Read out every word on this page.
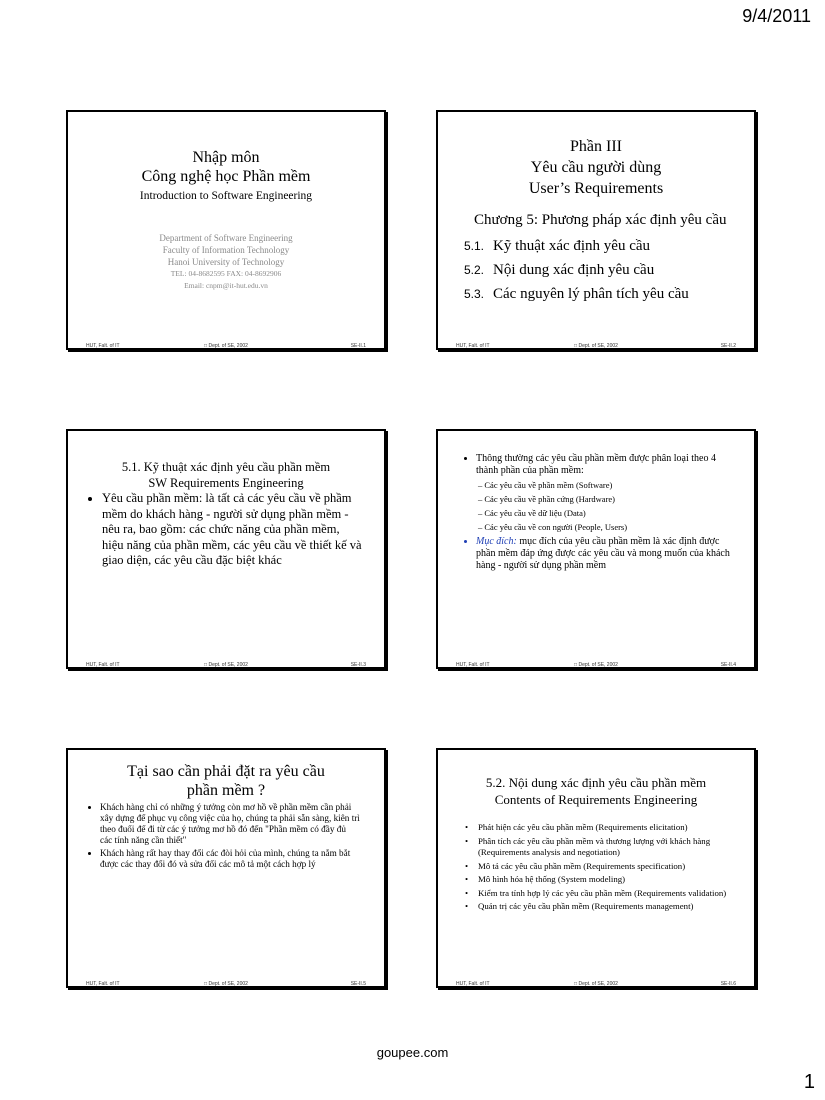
9/4/2011
Nhập môn
Công nghệ học Phần mềm
Introduction to Software Engineering
Department of Software Engineering
Faculty of Information Technology
Hanoi University of Technology
TEL: 04-8682595 FAX: 04-8692906
Email: cnpm@it-hut.edu.vn
HUT, Falt. of IT	□ Dept. of SE, 2002	SE-II.1
Phần III
Yêu cầu người dùng
User’s Requirements
Chương 5: Phương pháp xác định yêu cầu
5.1. Kỹ thuật xác định yêu cầu
5.2. Nội dung xác định yêu cầu
5.3. Các nguyên lý phân tích yêu cầu
HUT, Falt. of IT	□ Dept. of SE, 2002	SE-II.2
5.1. Kỹ thuật xác định yêu cầu phần mềm
SW Requirements Engineering
• Yêu cầu phần mềm: là tất cả các yêu cầu về phầm mềm do khách hàng - người sử dụng phần mềm - nêu ra, bao gồm: các chức năng của phần mềm, hiệu năng của phần mềm, các yêu cầu về thiết kế và giao diện, các yêu cầu đặc biệt khác
HUT, Falt. of IT	□ Dept. of SE, 2002	SE-II.3
• Thông thường các yêu cầu phần mềm được phân loại theo 4 thành phần của phần mềm:
– Các yêu cầu về phần mềm (Software)
– Các yêu cầu về phần cứng (Hardware)
– Các yêu cầu về dữ liệu (Data)
– Các yêu cầu về con người (People, Users)
• Mục đích: mục đích của yêu cầu phần mềm là xác định được phần mềm đáp ứng được các yêu cầu và mong muốn của khách hàng - người sử dụng phần mềm
HUT, Falt. of IT	□ Dept. of SE, 2002	SE-II.4
Tại sao cần phải đặt ra yêu cầu
phần mềm ?
• Khách hàng chỉ có những ý tưởng còn mơ hồ về phần mềm cần phải xây dựng để phục vụ công việc của họ, chúng ta phải sẵn sàng, kiên trì theo đuổi để đi từ các ý tưởng mơ hồ đó đến "Phần mềm có đầy đủ các tính năng cần thiết"
• Khách hàng rất hay thay đổi các đòi hỏi của mình, chúng ta nắm bắt được các thay đổi đó và sửa đổi các mô tả một cách hợp lý
HUT, Falt. of IT	□ Dept. of SE, 2002	SE-II.5
5.2. Nội dung xác định yêu cầu phần mềm
Contents of Requirements Engineering
• Phát hiện các yêu cầu phần mềm (Requirements elicitation)
• Phân tích các yêu cầu phần mềm và thương lượng với khách hàng (Requirements analysis and negotiation)
• Mô tả các yêu cầu phần mềm (Requirements specification)
• Mô hình hóa hệ thống (System modeling)
• Kiểm tra tính hợp lý các yêu cầu phần mềm (Requirements validation)
• Quản trị các yêu cầu phần mềm (Requirements management)
HUT, Falt. of IT	□ Dept. of SE, 2002	SE-II.6
goupee.com
1
